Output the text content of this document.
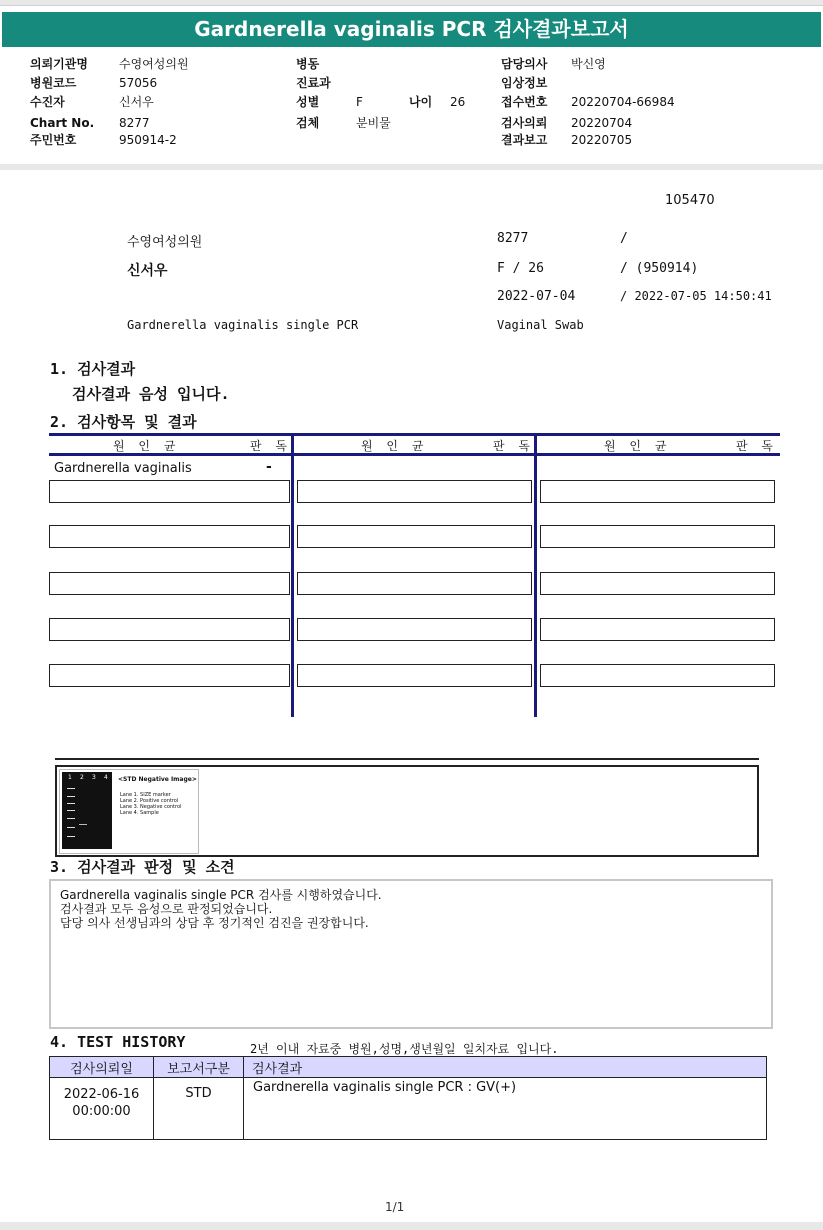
Gardnerella vaginalis PCR 검사결과보고서
의뢰기관명	수영여성의원	병동	담당의사 박신영
병원코드	57056	진료과	임상정보
수진자	신서우	성별	F	나이 26	접수번호 20220704-66984
Chart No. 8277	검체	분비물	검사의뢰 20220704
주민번호	950914-2	결과보고 20220705
105470
수영여성의원	8277	/
신서우	F / 26	/ (950914)
2022-07-04	/ 2022-07-05 14:50:41
Gardnerella vaginalis single PCR	Vaginal Swab
1. 검사결과
검사결과 음성 입니다.
2. 검사항목 및 결과
원 인 균	판 독	원 인 균	판 독	원 인 균	판 독
Gardnerella vaginalis	-
1 2 3 4 <STD Negative Image>
Lane 1. SIZE marker
Lane 2. Positive control
Lane 3. Negative control
Lane 4. Sample
3. 검사결과 판정 및 소견
Gardnerella vaginalis single PCR 검사를 시행하였습니다.
검사결과 모두 음성으로 판정되었습니다.
담당 의사 선생님과의 상담 후 정기적인 검진을 권장합니다.
4. TEST HISTORY	2년 이내 자료중 병원,성명,생년월일 일치자료 입니다.
검사의뢰일	보고서구분	검사결과

2022-06-16
00:00:00	STD	Gardnerella vaginalis single PCR : GV(+)
1/1
